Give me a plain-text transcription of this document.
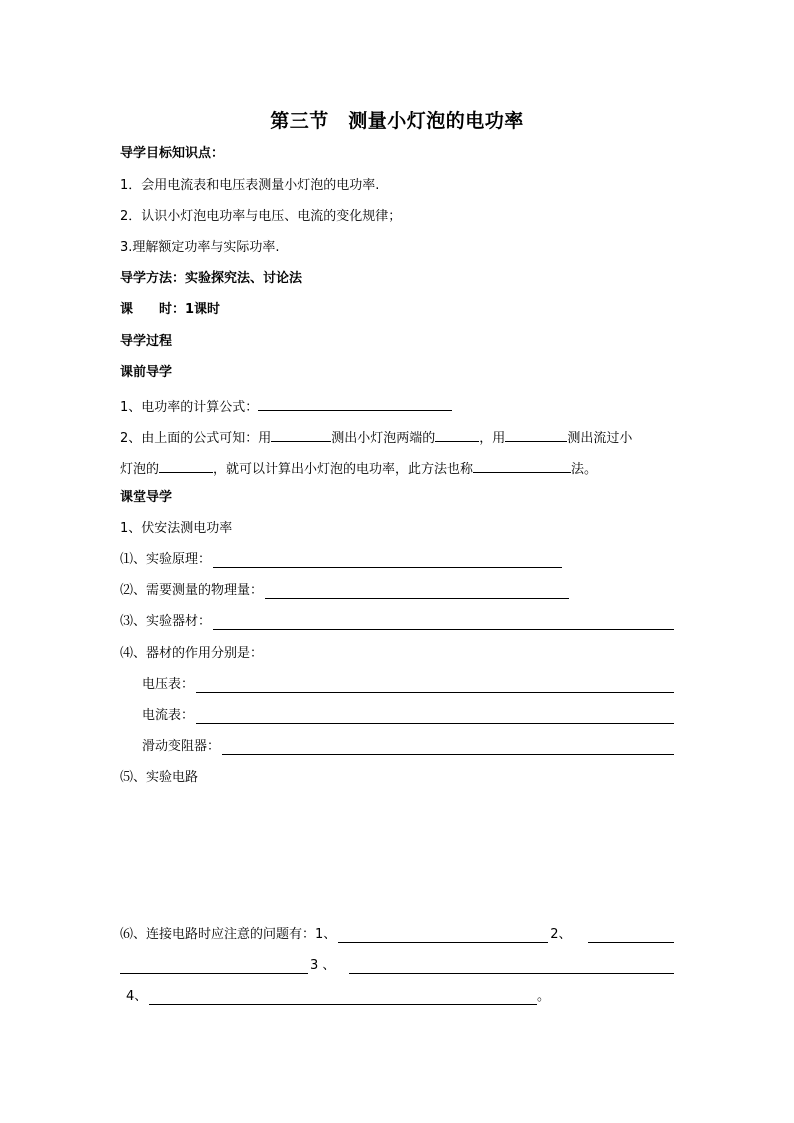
第三节　测量小灯泡的电功率
导学目标知识点：
1．会用电流表和电压表测量小灯泡的电功率.
2．认识小灯泡电功率与电压、电流的变化规律；
3.理解额定功率与实际功率.
导学方法：实验探究法、讨论法
课　　时：1课时
导学过程
课前导学
1、电功率的计算公式：
2、由上面的公式可知：用	测出小灯泡两端的	，用	测出流过小
灯泡的	，就可以计算出小灯泡的电功率，此方法也称	法。
课堂导学
1、伏安法测电功率
⑴、实验原理：
⑵、需要测量的物理量：
⑶、实验器材：
⑷、器材的作用分别是：
电压表：
电流表：
滑动变阻器：
⑸、实验电路
⑹、连接电路时应注意的问题有：1、	2、
3 、
4、	。
